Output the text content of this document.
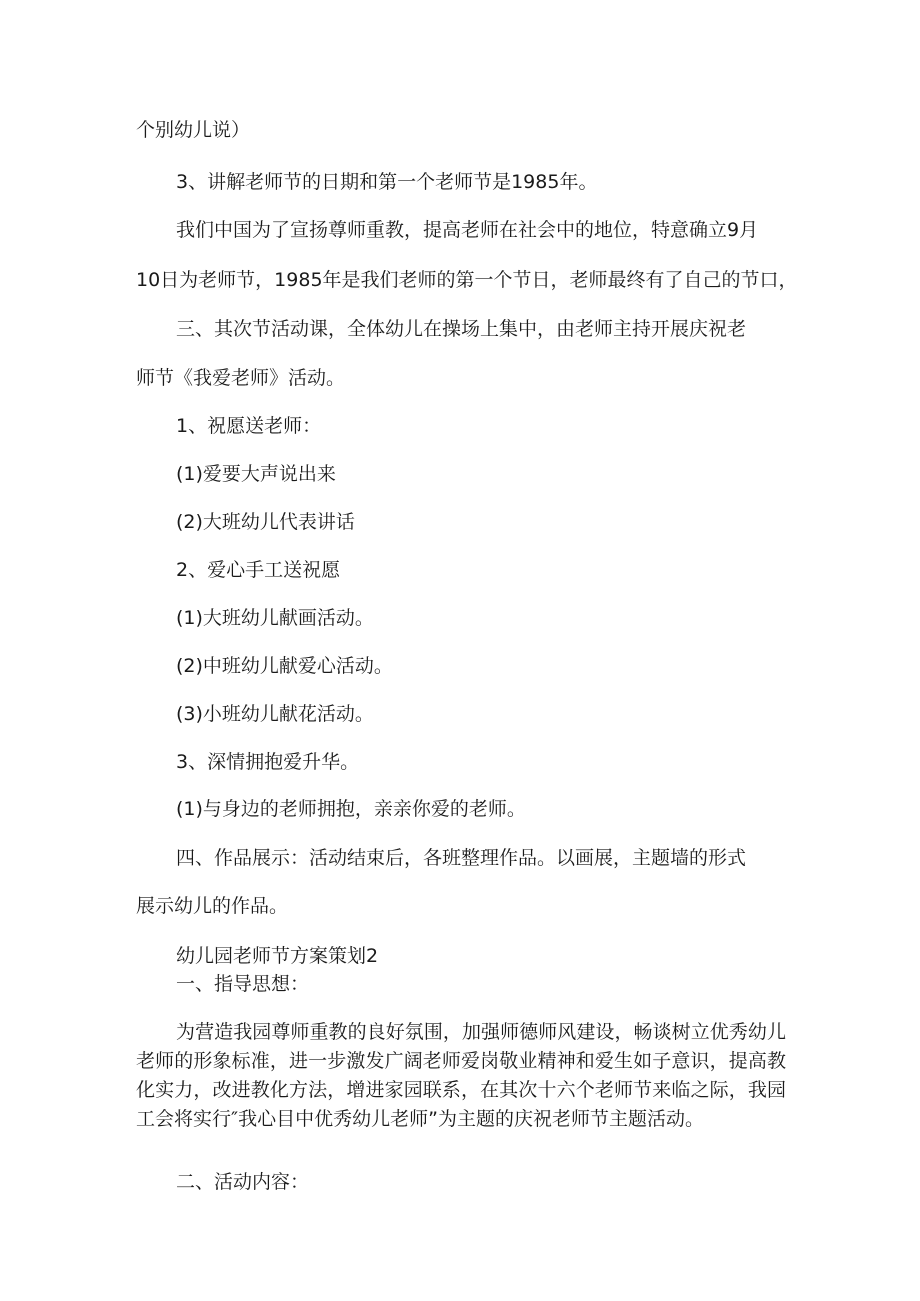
个别幼儿说）
3、讲解老师节的日期和第一个老师节是1985年。
我们中国为了宣扬尊师重教，提高老师在社会中的地位，特意确立9月
10日为老师节，1985年是我们老师的第一个节日，老师最终有了自己的节口，
三、其次节活动课，全体幼儿在操场上集中，由老师主持开展庆祝老
师节《我爱老师》活动。
1、祝愿送老师：
(1)爱要大声说出来
(2)大班幼儿代表讲话
2、爱心手工送祝愿
(1)大班幼儿献画活动。
(2)中班幼儿献爱心活动。
(3)小班幼儿献花活动。
3、深情拥抱爱升华。
(1)与身边的老师拥抱，亲亲你爱的老师。
四、作品展示：活动结束后，各班整理作品。以画展，主题墙的形式
展示幼儿的作品。
幼儿园老师节方案策划2
一、指导思想：

为营造我园尊师重教的良好氛围，加强师德师风建设，畅谈树立优秀幼儿老师的形象标准，进一步激发广阔老师爱岗敬业精神和爱生如子意识，提高教化实力，改进教化方法，增进家园联系，在其次十六个老师节来临之际，我园工会将实行″我心目中优秀幼儿老师”为主题的庆祝老师节主题活动。

二、活动内容：
